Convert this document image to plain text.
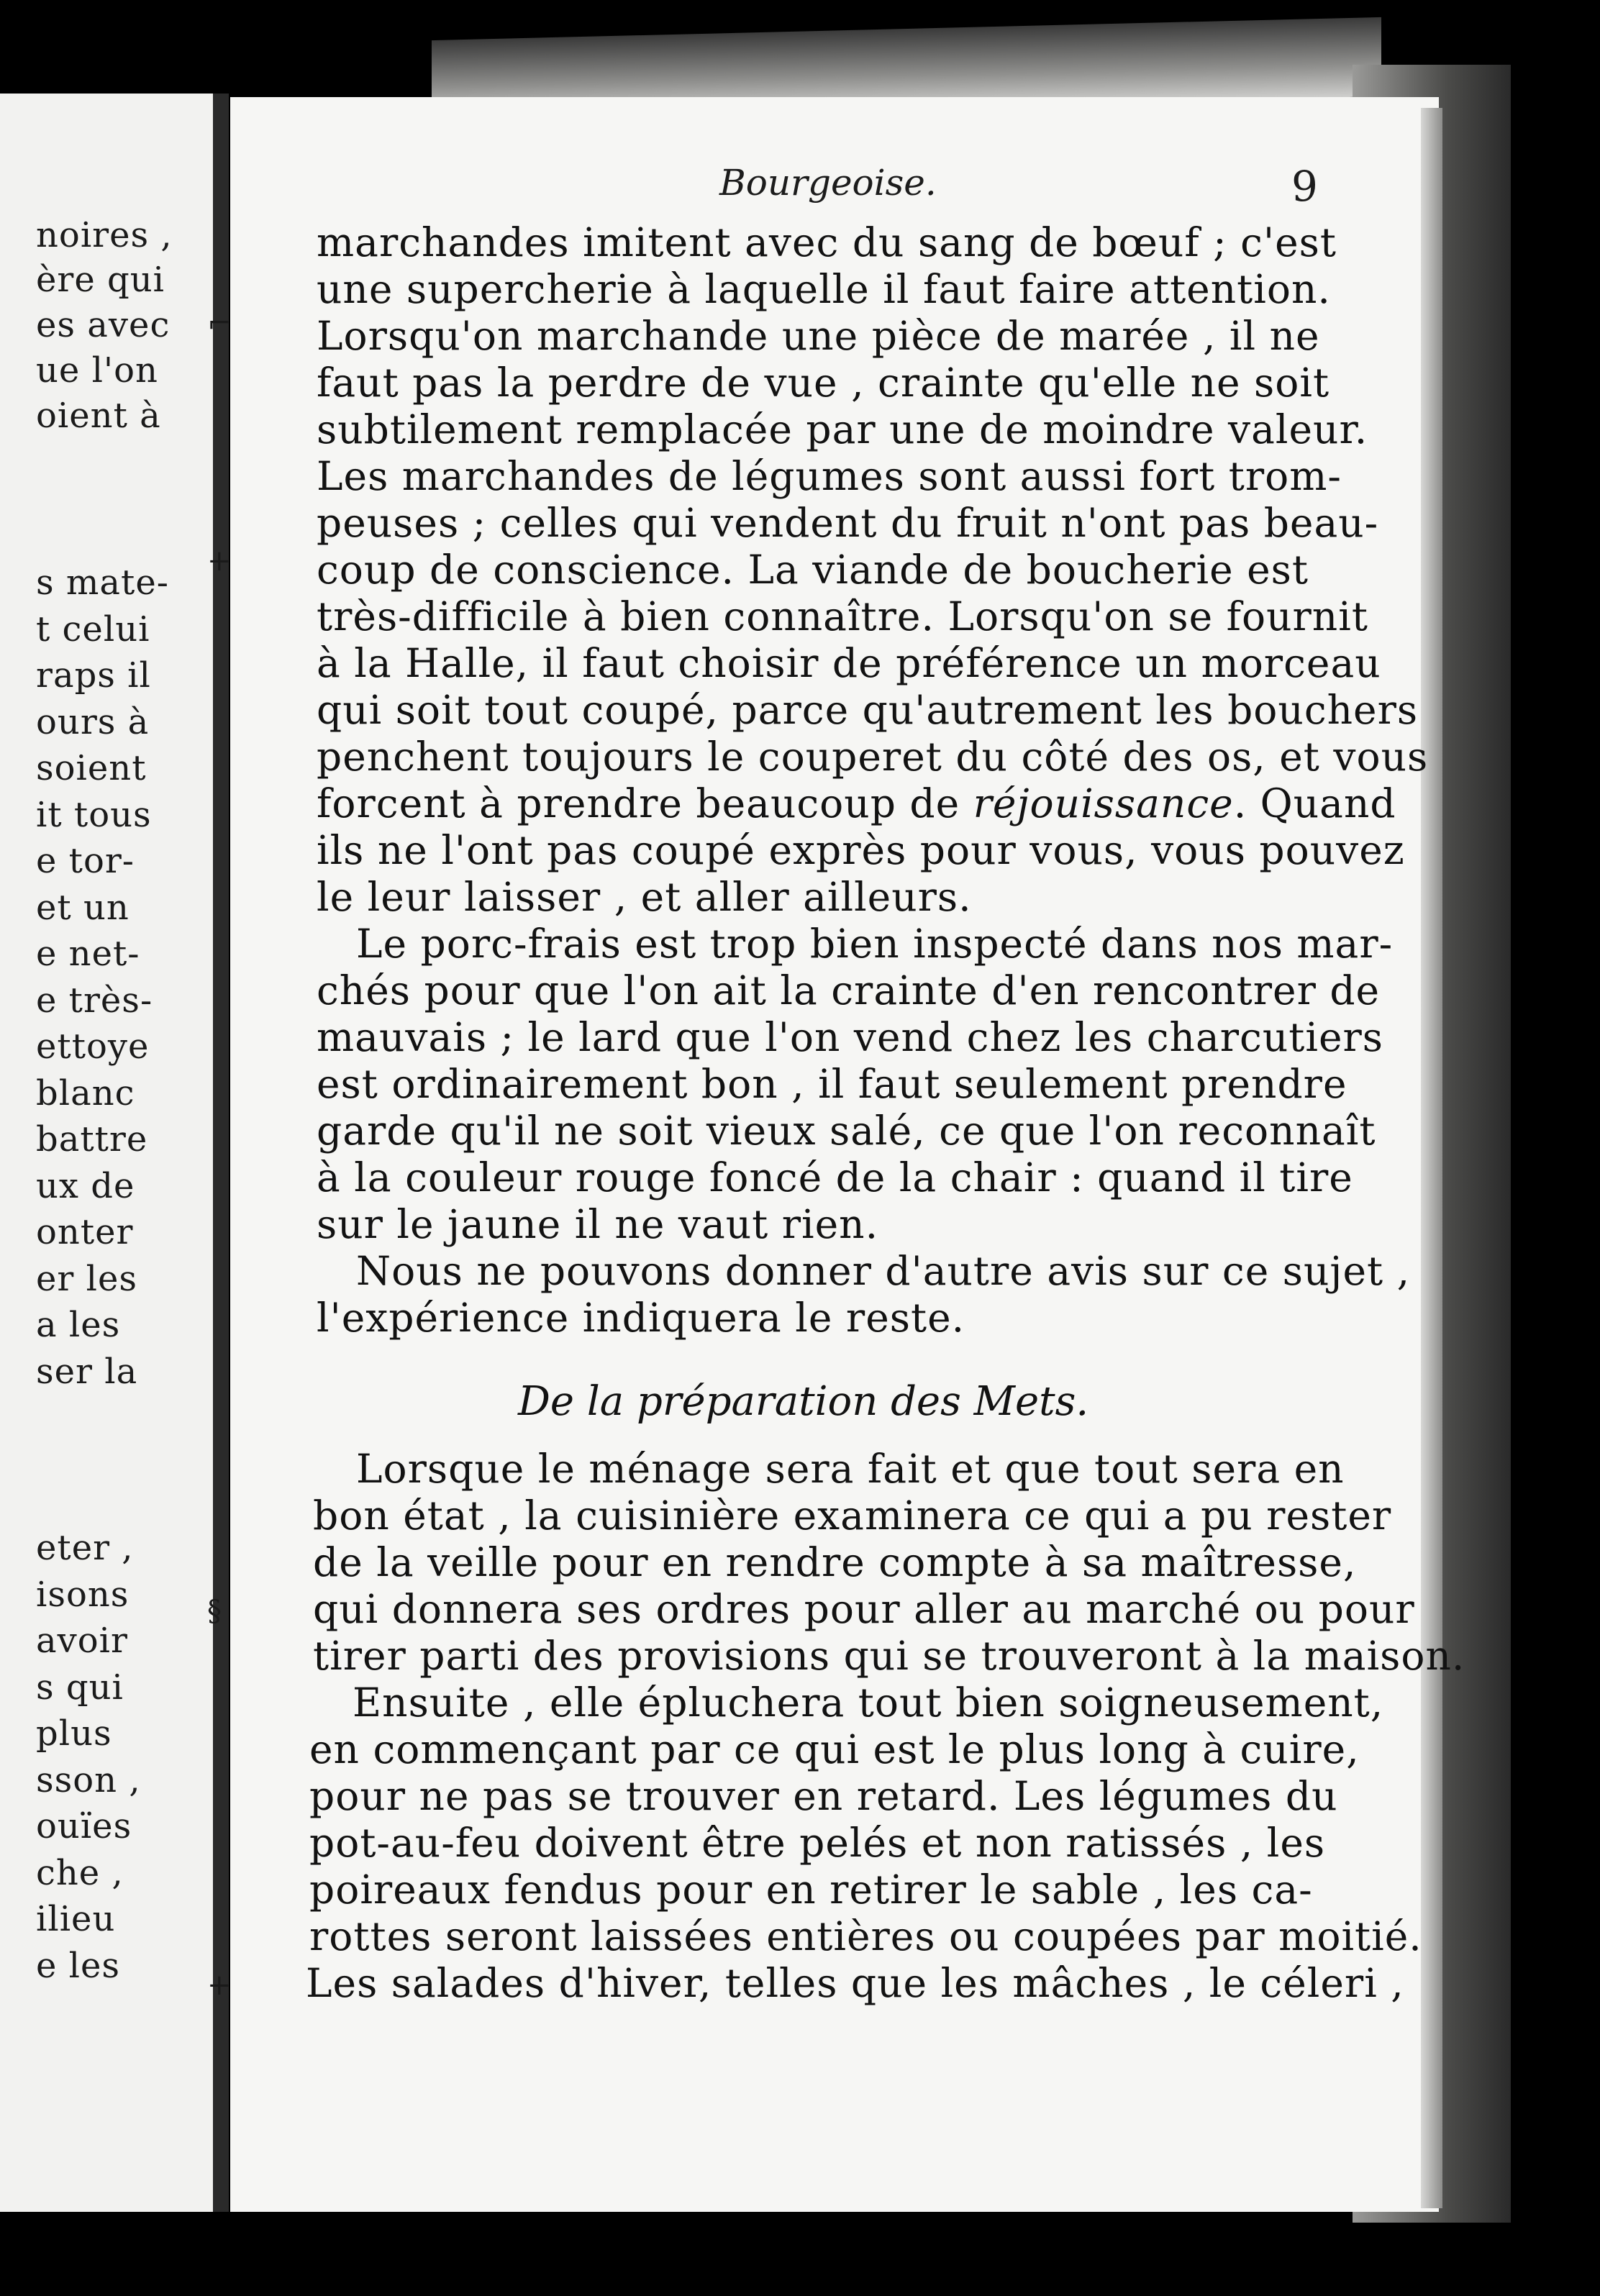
⌐
+
§
+
noires ,
ère qui
es avec
ue l'on
oient à
s mate-
t celui
raps il
ours à
soient
it tous
e tor-
et un
e net-
e très-
ettoye
blanc
battre
ux de
onter
er les
a les
ser la
eter ,
isons
avoir
s qui
plus
sson ,
ouïes
che ,
ilieu
e les
Bourgeoise.	9
marchandes imitent avec du sang de bœuf ; c'est
une supercherie à laquelle il faut faire attention.
Lorsqu'on marchande une pièce de marée , il ne
faut pas la perdre de vue , crainte qu'elle ne soit
subtilement remplacée par une de moindre valeur.
Les marchandes de légumes sont aussi fort trom-
peuses ; celles qui vendent du fruit n'ont pas beau-
coup de conscience. La viande de boucherie est
très-difficile à bien connaître. Lorsqu'on se fournit
à la Halle, il faut choisir de préférence un morceau
qui soit tout coupé, parce qu'autrement les bouchers
penchent toujours le couperet du côté des os, et vous
forcent à prendre beaucoup de réjouissance. Quand
ils ne l'ont pas coupé exprès pour vous, vous pouvez
le leur laisser , et aller ailleurs.
Le porc-frais est trop bien inspecté dans nos mar-
chés pour que l'on ait la crainte d'en rencontrer de
mauvais ; le lard que l'on vend chez les charcutiers
est ordinairement bon , il faut seulement prendre
garde qu'il ne soit vieux salé, ce que l'on reconnaît
à la couleur rouge foncé de la chair : quand il tire
sur le jaune il ne vaut rien.
Nous ne pouvons donner d'autre avis sur ce sujet ,
l'expérience indiquera le reste.
De la préparation des Mets.
Lorsque le ménage sera fait et que tout sera en
bon état , la cuisinière examinera ce qui a pu rester
de la veille pour en rendre compte à sa maîtresse,
qui donnera ses ordres pour aller au marché ou pour
tirer parti des provisions qui se trouveront à la maison.
Ensuite , elle épluchera tout bien soigneusement,
en commençant par ce qui est le plus long à cuire,
pour ne pas se trouver en retard. Les légumes du
pot-au-feu doivent être pelés et non ratissés , les
poireaux fendus pour en retirer le sable , les ca-
rottes seront laissées entières ou coupées par moitié.
Les salades d'hiver, telles que les mâches , le céleri ,
